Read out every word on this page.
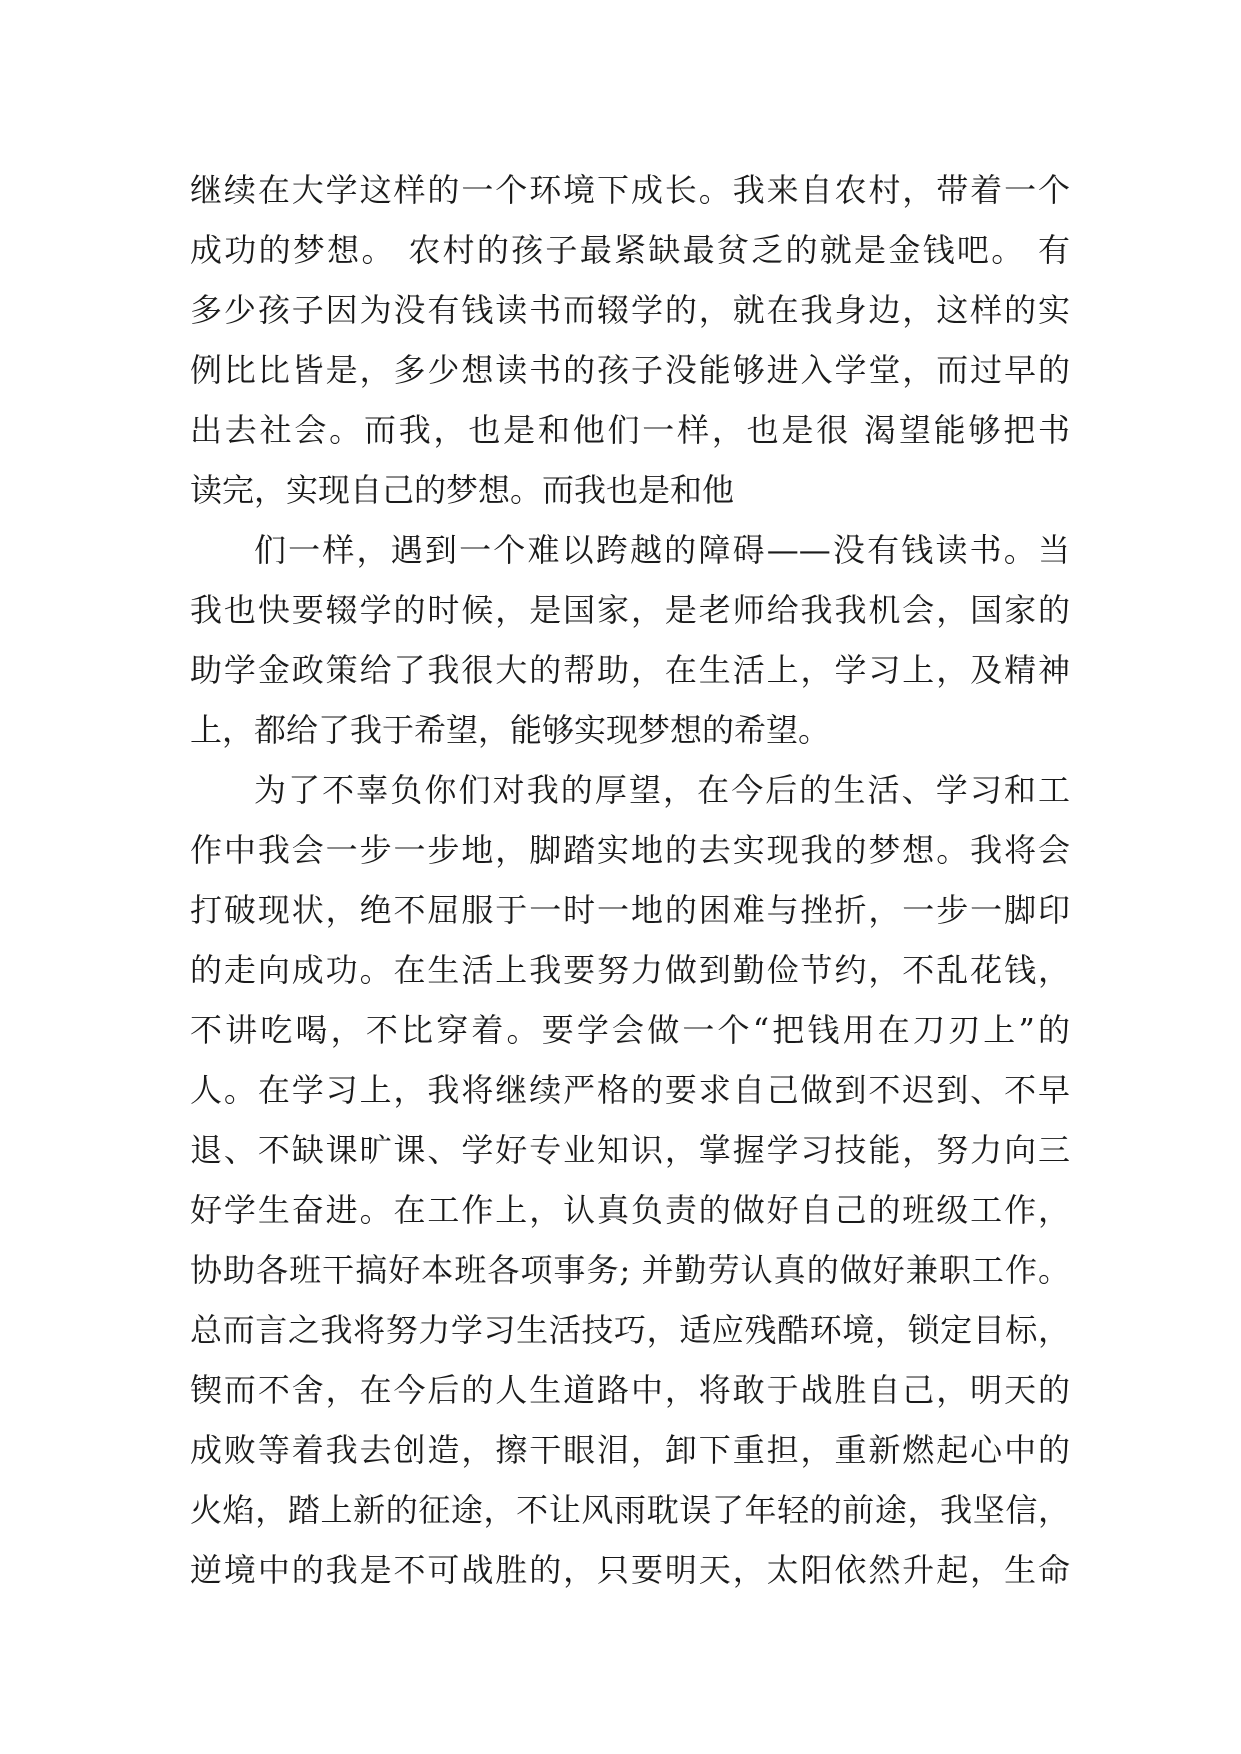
继续在大学这样的一个环境下成长。我来自农村，带着一个
成功的梦想。 农村的孩子最紧缺最贫乏的就是金钱吧。 有
多少孩子因为没有钱读书而辍学的，就在我身边，这样的实
例比比皆是，多少想读书的孩子没能够进入学堂，而过早的
出去社会。而我，也是和他们一样，也是很 渴望能够把书
读完，实现自己的梦想。而我也是和他
们一样，遇到一个难以跨越的障碍——没有钱读书。当
我也快要辍学的时候，是国家，是老师给我我机会，国家的
助学金政策给了我很大的帮助，在生活上，学习上，及精神
上，都给了我于希望，能够实现梦想的希望。
为了不辜负你们对我的厚望，在今后的生活、学习和工
作中我会一步一步地，脚踏实地的去实现我的梦想。我将会
打破现状，绝不屈服于一时一地的困难与挫折，一步一脚印
的走向成功。在生活上我要努力做到勤俭节约，不乱花钱，
不讲吃喝，不比穿着。要学会做一个“把钱用在刀刃上”的
人。在学习上，我将继续严格的要求自己做到不迟到、不早
退、不缺课旷课、学好专业知识，掌握学习技能，努力向三
好学生奋进。在工作上，认真负责的做好自己的班级工作，
协助各班干搞好本班各项事务; 并勤劳认真的做好兼职工作。
总而言之我将努力学习生活技巧，适应残酷环境，锁定目标，
锲而不舍，在今后的人生道路中，将敢于战胜自己，明天的
成败等着我去创造，擦干眼泪，卸下重担，重新燃起心中的
火焰，踏上新的征途，不让风雨耽误了年轻的前途，我坚信，
逆境中的我是不可战胜的，只要明天，太阳依然升起，生命
